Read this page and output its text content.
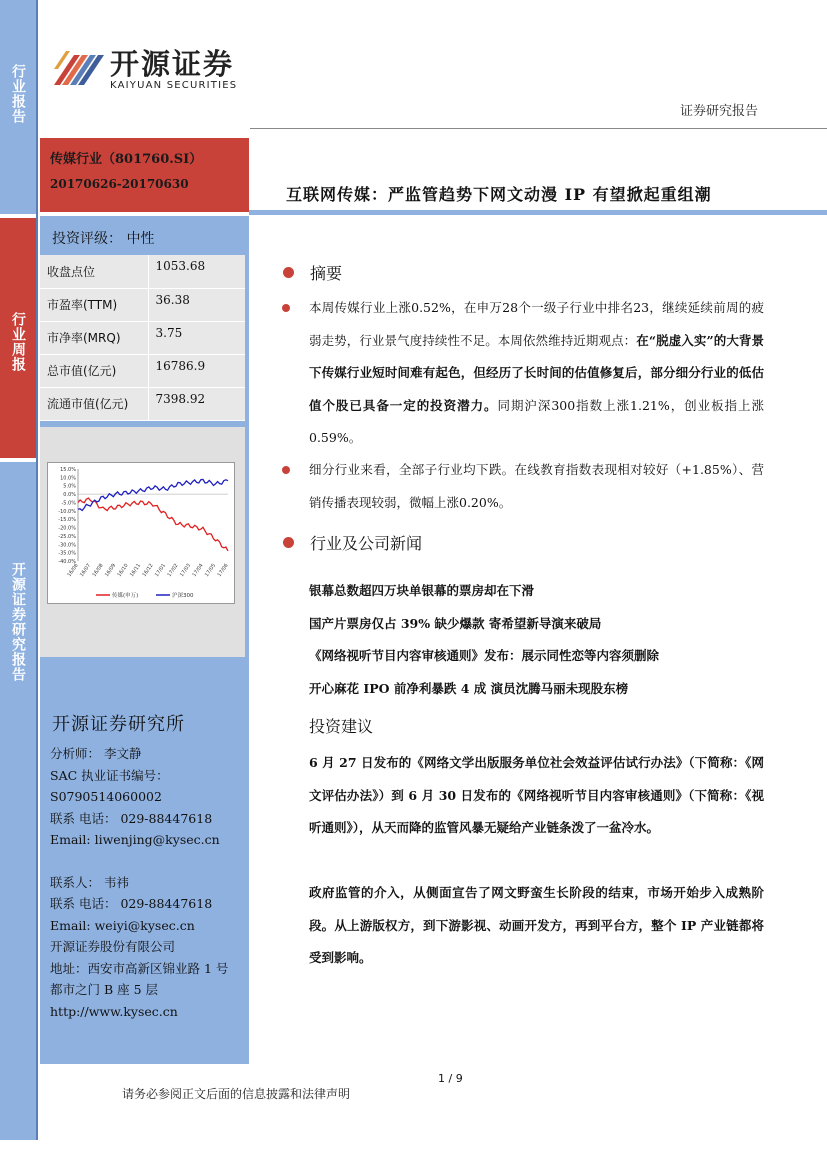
行业报告
行业周报
开源证券研究报告
开源证券
KAIYUAN SECURITIES
证券研究报告
传媒行业（801760.SI）
20170626-20170630
互联网传媒：严监管趋势下网文动漫 IP 有望掀起重组潮
投资评级： 中性
收盘点位	1053.68
市盈率(TTM)	36.38
市净率(MRQ)	3.75
总市值(亿元)	16786.9
流通市值(亿元)	7398.92
15.0%
10.0%
5.0%
0.0%
-5.0%
-10.0%
-15.0%
-20.0%
-25.0%
-30.0%
-35.0%
-40.0%
16/06 16/07 16/08 16/09 16/10 16/11 16/12 17/01 17/02 17/03 17/04 17/05 17/06
传媒(申万)	沪深300
开源证券研究所
分析师： 李文静
SAC 执业证书编号：
S0790514060002
联系 电话： 029-88447618
Email: liwenjing@kysec.cn
联系人： 韦祎
联系 电话： 029-88447618
Email: weiyi@kysec.cn
开源证券股份有限公司
地址：西安市高新区锦业路 1 号
都市之门 B 座 5 层
http://www.kysec.cn
摘要
本周传媒行业上涨0.52%，在申万28个一级子行业中排名23，继续延续前周的疲弱走势，行业景气度持续性不足。本周依然维持近期观点：在“脱虚入实”的大背景下传媒行业短时间难有起色，但经历了长时间的估值修复后，部分细分行业的低估值个股已具备一定的投资潜力。同期沪深300指数上涨1.21%，创业板指上涨0.59%。
细分行业来看，全部子行业均下跌。在线教育指数表现相对较好（+1.85%）、营销传播表现较弱，微幅上涨0.20%。
行业及公司新闻
银幕总数超四万块单银幕的票房却在下滑
国产片票房仅占 39% 缺少爆款 寄希望新导演来破局
《网络视听节目内容审核通则》发布：展示同性恋等内容须删除
开心麻花 IPO 前净利暴跌 4 成 演员沈腾马丽未现股东榜
投资建议
6 月 27 日发布的《网络文学出版服务单位社会效益评估试行办法》（下简称：《网文评估办法》）到 6 月 30 日发布的《网络视听节目内容审核通则》（下简称：《视听通则》），从天而降的监管风暴无疑给产业链条泼了一盆冷水。
政府监管的介入，从侧面宣告了网文野蛮生长阶段的结束，市场开始步入成熟阶段。从上游版权方，到下游影视、动画开发方，再到平台方，整个 IP 产业链都将受到影响。
1 / 9
请务必参阅正文后面的信息披露和法律声明
